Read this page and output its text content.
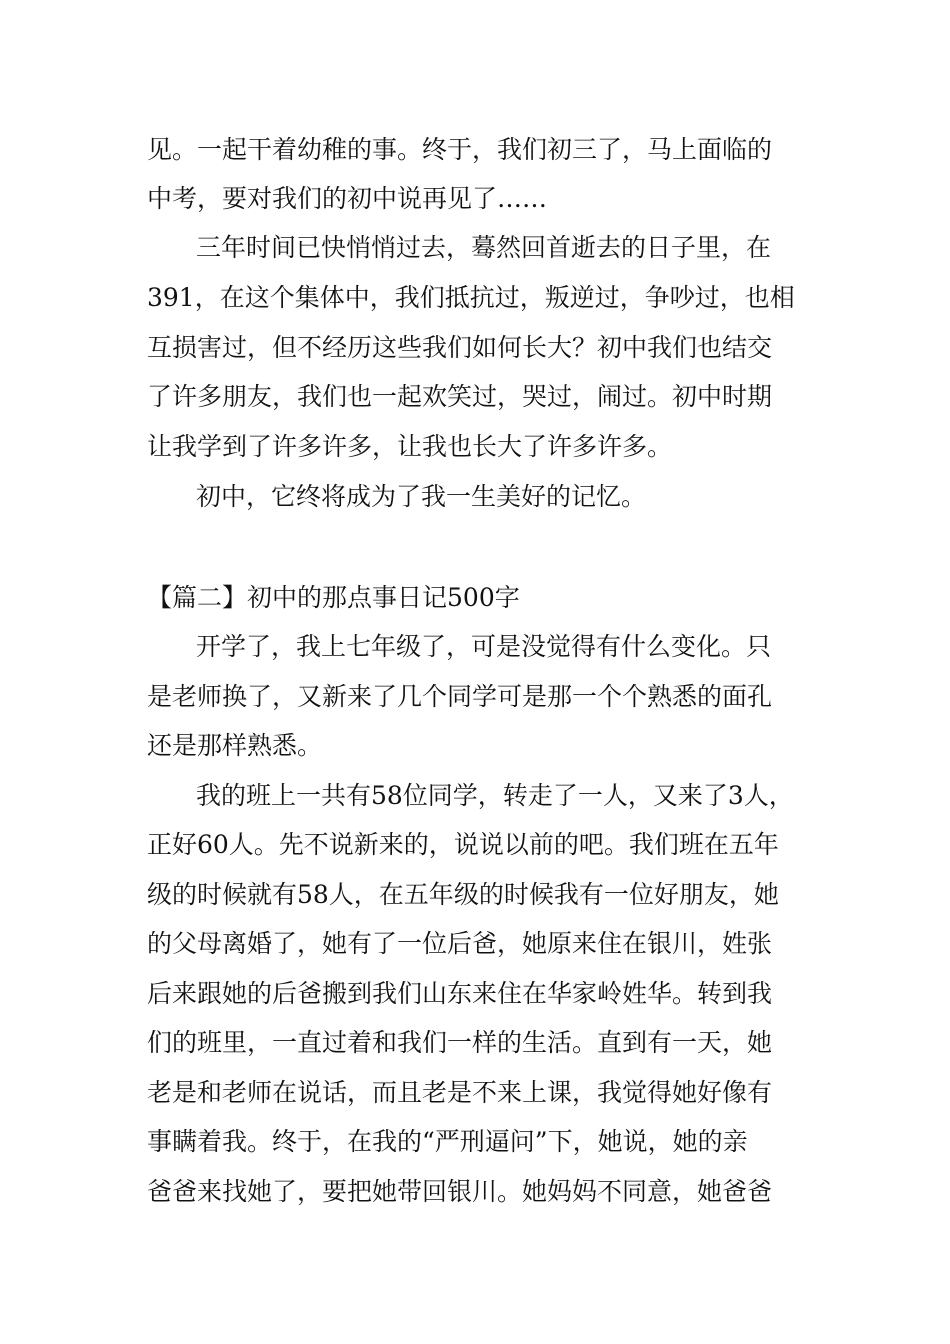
见。一起干着幼稚的事。终于，我们初三了，马上面临的
中考，要对我们的初中说再见了……
三年时间已快悄悄过去，蓦然回首逝去的日子里，在
391，在这个集体中，我们抵抗过，叛逆过，争吵过，也相
互损害过，但不经历这些我们如何长大？初中我们也结交
了许多朋友，我们也一起欢笑过，哭过，闹过。初中时期
让我学到了许多许多，让我也长大了许多许多。
初中，它终将成为了我一生美好的记忆。
【篇二】初中的那点事日记500字
开学了，我上七年级了，可是没觉得有什么变化。只
是老师换了，又新来了几个同学可是那一个个熟悉的面孔
还是那样熟悉。
我的班上一共有58位同学，转走了一人，又来了3人，
正好60人。先不说新来的，说说以前的吧。我们班在五年
级的时候就有58人，在五年级的时候我有一位好朋友，她
的父母离婚了，她有了一位后爸，她原来住在银川，姓张
后来跟她的后爸搬到我们山东来住在华家岭姓华。转到我
们的班里，一直过着和我们一样的生活。直到有一天，她
老是和老师在说话，而且老是不来上课，我觉得她好像有
事瞒着我。终于，在我的“严刑逼问”下，她说，她的亲
爸爸来找她了，要把她带回银川。她妈妈不同意，她爸爸
